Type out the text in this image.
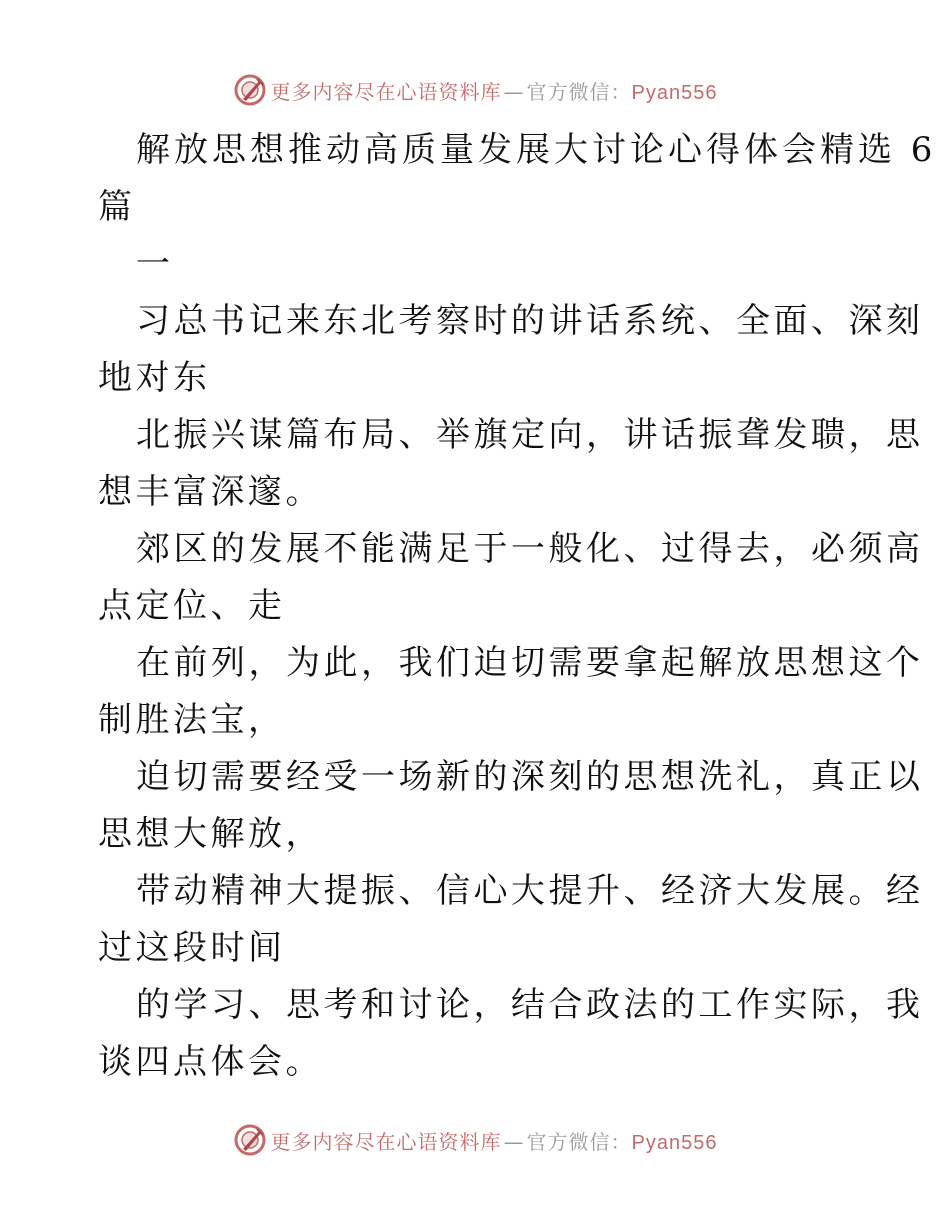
更多内容尽在心语资料库 — 官方微信：Pyan556
解放思想推动高质量发展大讨论心得体会精选 6
篇
一
习总书记来东北考察时的讲话系统、全面、深刻
地对东
北振兴谋篇布局、举旗定向，讲话振聋发聩，思
想丰富深邃。
郊区的发展不能满足于一般化、过得去，必须高
点定位、走
在前列，为此，我们迫切需要拿起解放思想这个
制胜法宝，
迫切需要经受一场新的深刻的思想洗礼，真正以
思想大解放，
带动精神大提振、信心大提升、经济大发展。经
过这段时间
的学习、思考和讨论，结合政法的工作实际，我
谈四点体会。
更多内容尽在心语资料库 — 官方微信：Pyan556
